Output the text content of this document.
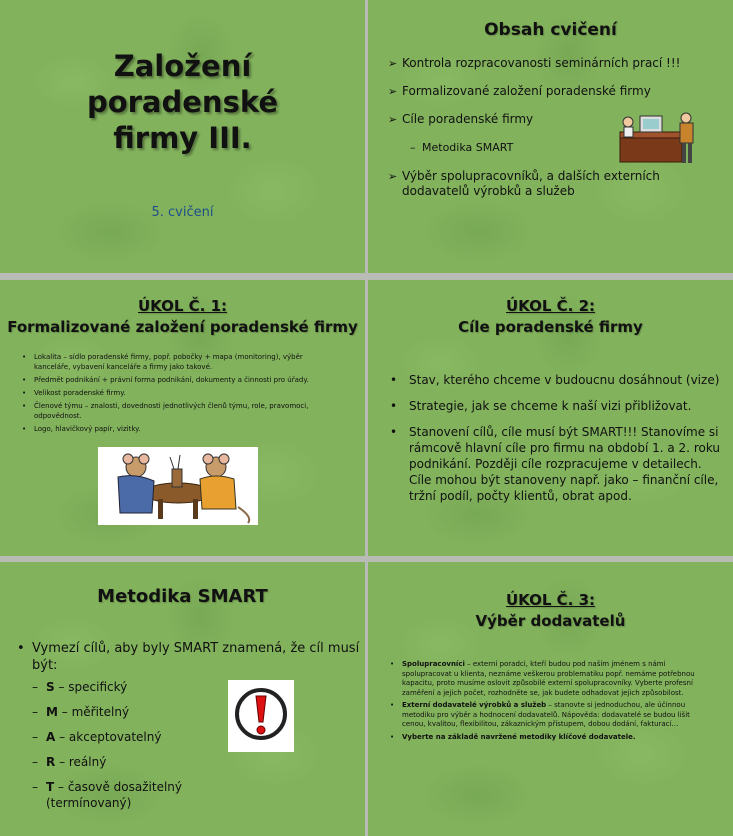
Založení poradenské
firmy III.
5. cvičení
Obsah cvičení
➢ Kontrola rozpracovanosti seminárních prací !!!
➢ Formalizované založení poradenské firmy
➢ Cíle poradenské firmy
– Metodika SMART
➢ Výběr spolupracovníků, a dalších externích dodavatelů výrobků a služeb
ÚKOL Č. 1:
Formalizované založení poradenské firmy
• Lokalita – sídlo poradenské firmy, popř. pobočky + mapa (monitoring), výběr kanceláře, vybavení kanceláře a firmy jako takové.
• Předmět podnikání + právní forma podnikání, dokumenty a činnosti pro úřady.
• Velikost poradenské firmy.
• Členové týmu – znalosti, dovednosti jednotlivých členů týmu, role, pravomoci, odpovědnost.
• Logo, hlavičkový papír, vizitky.
ÚKOL Č. 2:
Cíle poradenské firmy
• Stav, kterého chceme v budoucnu dosáhnout (vize)
• Strategie, jak se chceme k naší vizi přibližovat.
• Stanovení cílů, cíle musí být SMART!!! Stanovíme si rámcově hlavní cíle pro firmu na období 1. a 2. roku podnikání. Později cíle rozpracujeme v detailech. Cíle mohou být stanoveny např. jako – finanční cíle, tržní podíl, počty klientů, obrat apod.
Metodika SMART
• Vymezí cílů, aby byly SMART znamená, že cíl musí být:
– S – specifický
– M – měřitelný
– A – akceptovatelný
– R – reálný
– T – časově dosažitelný (termínovaný)
ÚKOL Č. 3:
Výběr dodavatelů
• Spolupracovníci – externí poradci, kteří budou pod naším jménem s námi spolupracovat u klienta, neznáme veškerou problematiku popř. nemáme potřebnou kapacitu, proto musíme oslovit způsobilé externí spolupracovníky. Vyberte profesní zaměření a jejich počet, rozhodněte se, jak budete odhadovat jejich způsobilost.
• Externí dodavatelé výrobků a služeb – stanovte si jednoduchou, ale účinnou metodiku pro výběr a hodnocení dodavatelů. Nápověda: dodavatelé se budou lišit cenou, kvalitou, flexibilitou, zákaznickým přístupem, dobou dodání, fakturací…
• Vyberte na základě navržené metodiky klíčové dodavatele.
